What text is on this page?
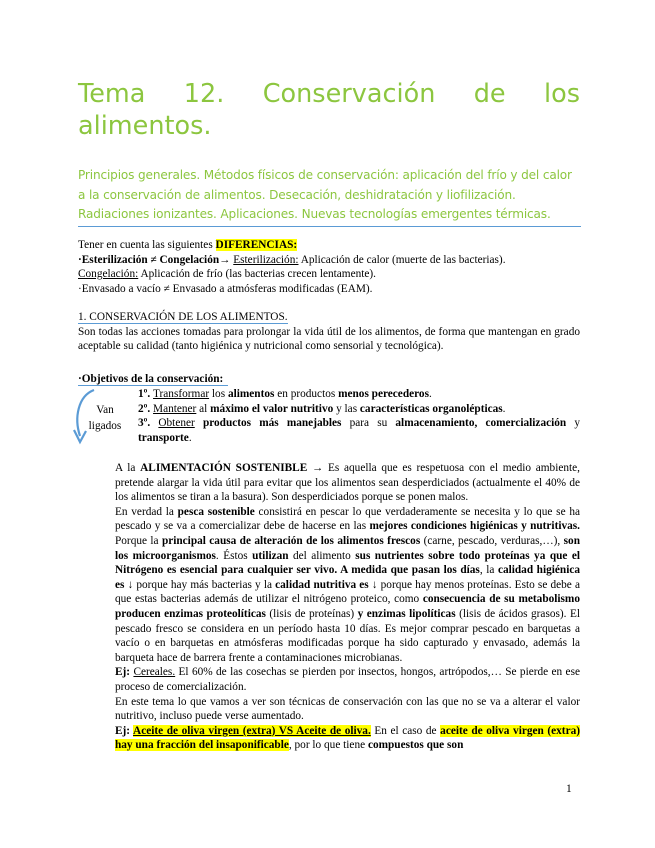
Tema 12. Conservación de los alimentos.

Principios generales. Métodos físicos de conservación: aplicación del frío y del calor a la conservación de alimentos. Desecación, deshidratación y liofilización. Radiaciones ionizantes. Aplicaciones. Nuevas tecnologías emergentes térmicas.

Tener en cuenta las siguientes DIFERENCIAS:

·Esterilización ≠ Congelación→ Esterilización: Aplicación de calor (muerte de las bacterias).

Congelación: Aplicación de frío (las bacterias crecen lentamente).

·Envasado a vacío ≠ Envasado a atmósferas modificadas (EAM).

1. CONSERVACIÓN DE LOS ALIMENTOS.

Son todas las acciones tomadas para prolongar la vida útil de los alimentos, de forma que mantengan en grado aceptable su calidad (tanto higiénica y nutricional como sensorial y tecnológica).

·Objetivos de la conservación:
Van ligados

1º. Transformar los alimentos en productos menos perecederos.

2º. Mantener al máximo el valor nutritivo y las características organolépticas.

3º. Obtener productos más manejables para su almacenamiento, comercialización y transporte.

A la ALIMENTACIÓN SOSTENIBLE → Es aquella que es respetuosa con el medio ambiente, pretende alargar la vida útil para evitar que los alimentos sean desperdiciados (actualmente el 40% de los alimentos se tiran a la basura). Son desperdiciados porque se ponen malos.

En verdad la pesca sostenible consistirá en pescar lo que verdaderamente se necesita y lo que se ha pescado y se va a comercializar debe de hacerse en las mejores condiciones higiénicas y nutritivas. Porque la principal causa de alteración de los alimentos frescos (carne, pescado, verduras,…), son los microorganismos. Éstos utilizan del alimento sus nutrientes sobre todo proteínas ya que el Nitrógeno es esencial para cualquier ser vivo. A medida que pasan los días, la calidad higiénica es ↓ porque hay más bacterias y la calidad nutritiva es ↓ porque hay menos proteínas. Esto se debe a que estas bacterias además de utilizar el nitrógeno proteico, como consecuencia de su metabolismo producen enzimas proteolíticas (lisis de proteínas) y enzimas lipolíticas (lisis de ácidos grasos). El pescado fresco se considera en un período hasta 10 días. Es mejor comprar pescado en barquetas a vacío o en barquetas en atmósferas modificadas porque ha sido capturado y envasado, además la barqueta hace de barrera frente a contaminaciones microbianas.

Ej: Cereales. El 60% de las cosechas se pierden por insectos, hongos, artrópodos,… Se pierde en ese proceso de comercialización.

En este tema lo que vamos a ver son técnicas de conservación con las que no se va a alterar el valor nutritivo, incluso puede verse aumentado.

Ej: Aceite de oliva virgen (extra) VS Aceite de oliva. En el caso de aceite de oliva virgen (extra) hay una fracción del insaponificable, por lo que tiene compuestos que son

1
